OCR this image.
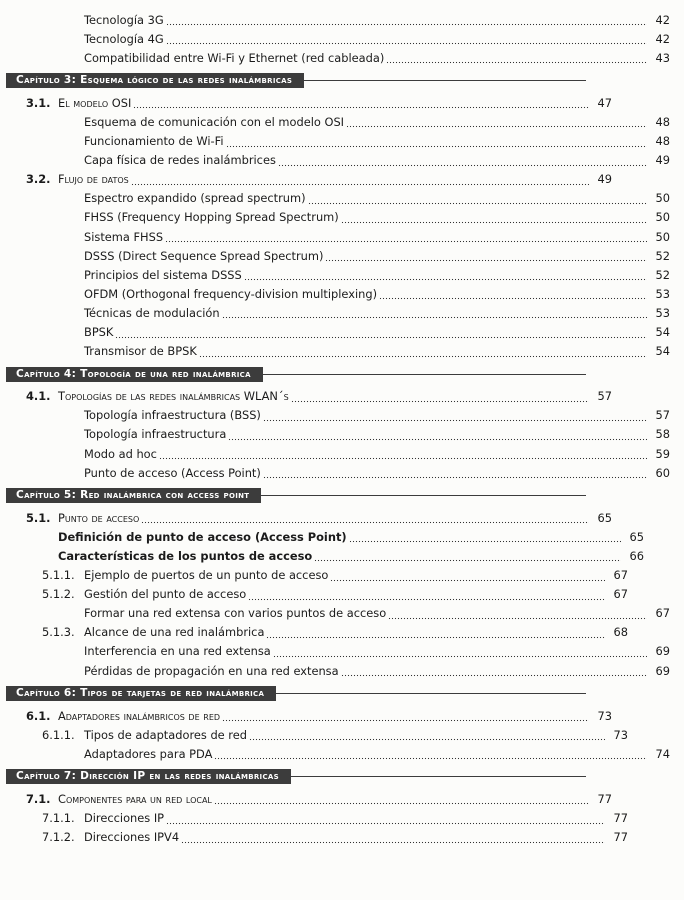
Tecnología 3G	42
Tecnología 4G	42
Compatibilidad entre Wi-Fi y Ethernet (red cableada)	43
Capítulo 3: Esquema lógico de las redes inalámbricas
3.1. El modelo OSI	47
Esquema de comunicación con el modelo OSI	48
Funcionamiento de Wi-Fi	48
Capa física de redes inalámbrices	49
3.2. Flujo de datos	49
Espectro expandido (spread spectrum)	50
FHSS (Frequency Hopping Spread Spectrum)	50
Sistema FHSS	50
DSSS (Direct Sequence Spread Spectrum)	52
Principios del sistema DSSS	52
OFDM (Orthogonal frequency-division multiplexing)	53
Técnicas de modulación	53
BPSK	54
Transmisor de BPSK	54
Capítulo 4: Topología de una red inalámbrica
4.1. Topologías de las redes inalámbricas WLAN´s	57
Topología infraestructura (BSS)	57
Topología infraestructura	58
Modo ad hoc	59
Punto de acceso (Access Point)	60
Capítulo 5: Red inalámbrica con access point
5.1. Punto de acceso	65
Definición de punto de acceso (Access Point)	65
Características de los puntos de acceso	66
5.1.1. Ejemplo de puertos de un punto de acceso	67
5.1.2. Gestión del punto de acceso	67
Formar una red extensa con varios puntos de acceso	67
5.1.3. Alcance de una red inalámbrica	68
Interferencia en una red extensa	69
Pérdidas de propagación en una red extensa	69
Capítulo 6: Tipos de tarjetas de red inalámbrica
6.1. Adaptadores inalámbricos de red	73
6.1.1. Tipos de adaptadores de red	73
Adaptadores para PDA	74
Capítulo 7: Dirección IP en las redes inalámbricas
7.1. Componentes para un red local	77
7.1.1. Direcciones IP	77
7.1.2. Direcciones IPV4	77
